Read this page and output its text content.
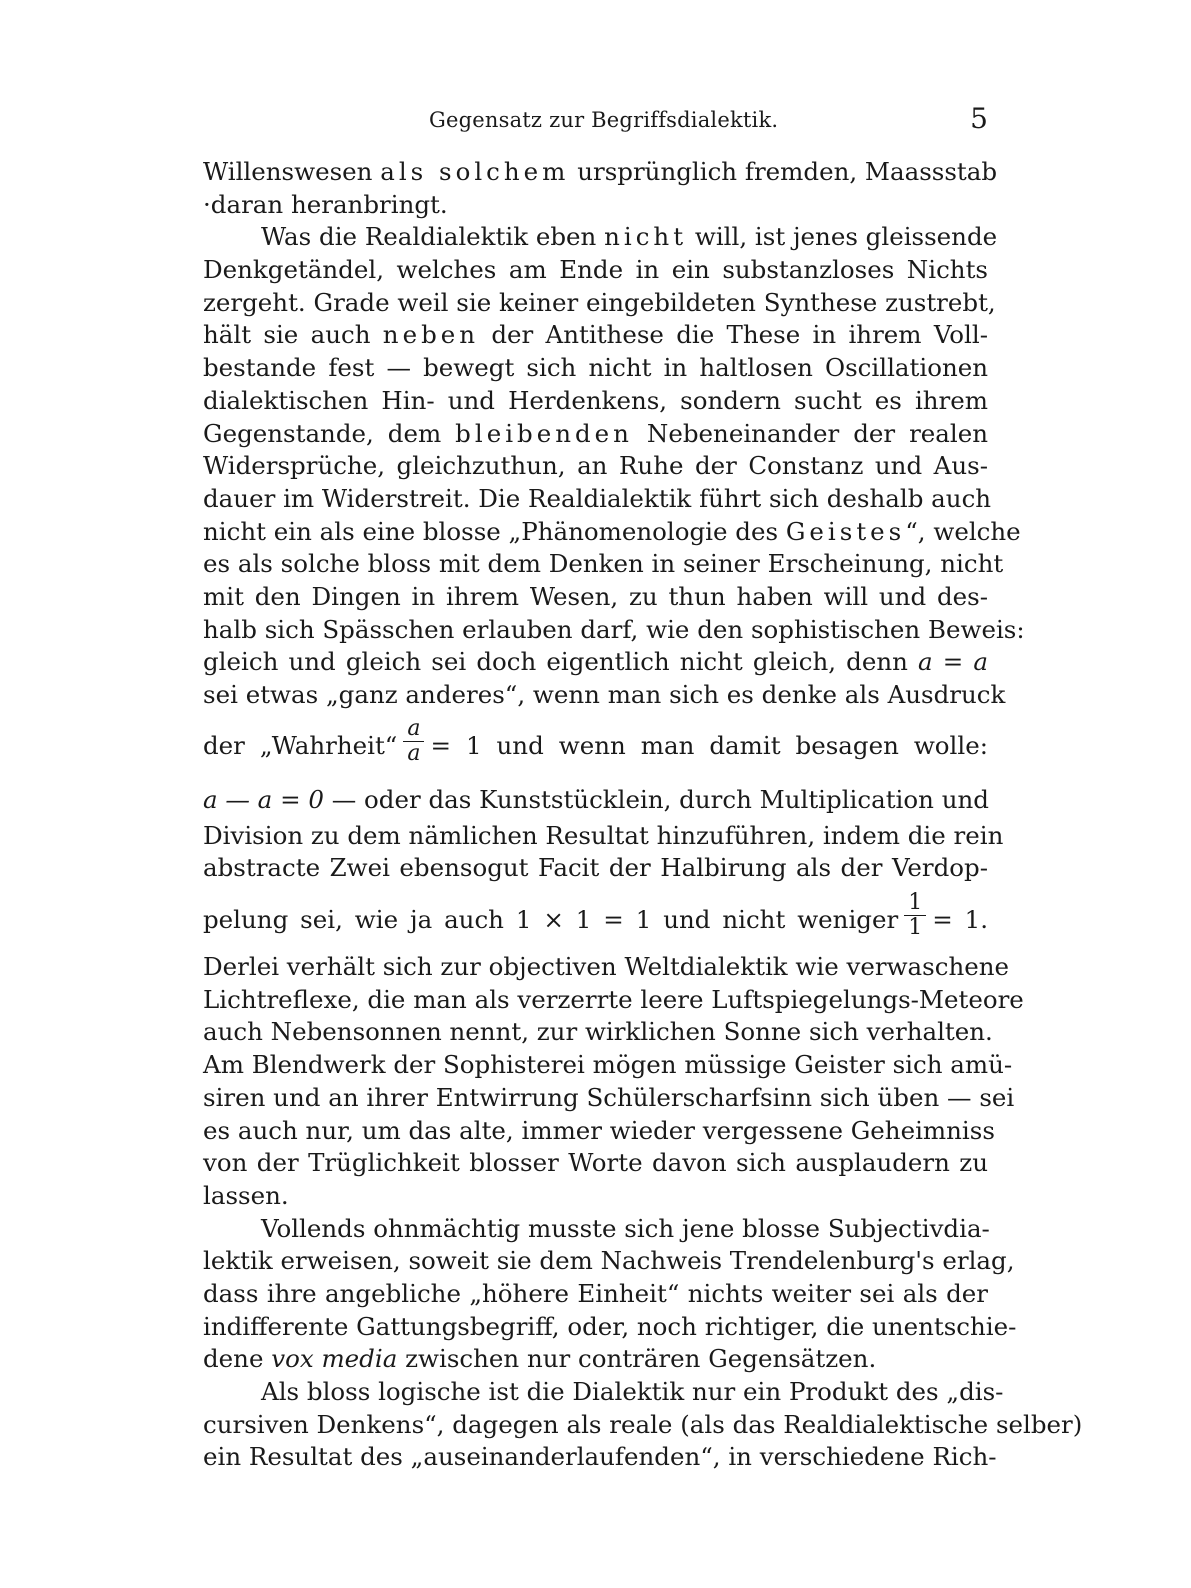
Gegensatz zur Begriffsdialektik.	5
Willenswesen als solchem ursprünglich fremden, Maassstab
·daran heranbringt.
Was die Realdialektik eben nicht will, ist jenes gleissende
Denkgetändel, welches am Ende in ein substanzloses Nichts
zergeht. Grade weil sie keiner eingebildeten Synthese zustrebt,
hält sie auch neben der Antithese die These in ihrem Voll-
bestande fest — bewegt sich nicht in haltlosen Oscillationen
dialektischen Hin- und Herdenkens, sondern sucht es ihrem
Gegenstande, dem bleibenden Nebeneinander der realen
Widersprüche, gleichzuthun, an Ruhe der Constanz und Aus-
dauer im Widerstreit. Die Realdialektik führt sich deshalb auch
nicht ein als eine blosse „Phänomenologie des Geistes“, welche
es als solche bloss mit dem Denken in seiner Erscheinung, nicht
mit den Dingen in ihrem Wesen, zu thun haben will und des-
halb sich Spässchen erlauben darf, wie den sophistischen Beweis:
gleich und gleich sei doch eigentlich nicht gleich, denn a = a
sei etwas „ganz anderes“, wenn man sich es denke als Ausdruck
der „Wahrheit“ $\frac{a}{a} = 1$ und wenn man damit besagen wolle:
a — a = 0 — oder das Kunststücklein, durch Multiplication und
Division zu dem nämlichen Resultat hinzuführen, indem die rein
abstracte Zwei ebensogut Facit der Halbirung als der Verdop-
pelung sei, wie ja auch 1 × 1 = 1 und nicht weniger $\frac{1}{1} = 1$.
Derlei verhält sich zur objectiven Weltdialektik wie verwaschene
Lichtreflexe, die man als verzerrte leere Luftspiegelungs-Meteore
auch Nebensonnen nennt, zur wirklichen Sonne sich verhalten.
Am Blendwerk der Sophisterei mögen müssige Geister sich amü-
siren und an ihrer Entwirrung Schülerscharfsinn sich üben — sei
es auch nur, um das alte, immer wieder vergessene Geheimniss
von der Trüglichkeit blosser Worte davon sich ausplaudern zu
lassen.
Vollends ohnmächtig musste sich jene blosse Subjectivdia-
lektik erweisen, soweit sie dem Nachweis Trendelenburg's erlag,
dass ihre angebliche „höhere Einheit“ nichts weiter sei als der
indifferente Gattungsbegriff, oder, noch richtiger, die unentschie-
dene vox media zwischen nur conträren Gegensätzen.
Als bloss logische ist die Dialektik nur ein Produkt des „dis-
cursiven Denkens“, dagegen als reale (als das Realdialektische selber)
ein Resultat des „auseinanderlaufenden“, in verschiedene Rich-
